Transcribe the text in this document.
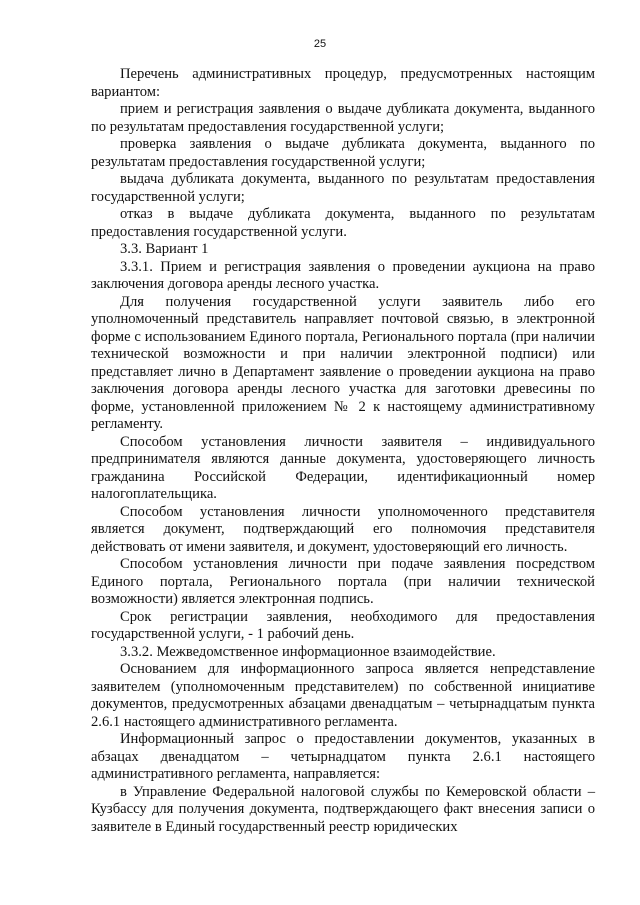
25

Перечень административных процедур, предусмотренных настоящим вариантом:

прием и регистрация заявления о выдаче дубликата документа, выданного по результатам предоставления государственной услуги;

проверка заявления о выдаче дубликата документа, выданного по результатам предоставления государственной услуги;

выдача дубликата документа, выданного по результатам предоставления государственной услуги;

отказ в выдаче дубликата документа, выданного по результатам предоставления государственной услуги.

3.3. Вариант 1

3.3.1. Прием и регистрация заявления о проведении аукциона на право заключения договора аренды лесного участка.

Для получения государственной услуги заявитель либо его уполномоченный представитель направляет почтовой связью, в электронной форме с использованием Единого портала, Регионального портала (при наличии технической возможности и при наличии электронной подписи) или представляет лично в Департамент заявление о проведении аукциона на право заключения договора аренды лесного участка для заготовки древесины по форме, установленной приложением № 2 к настоящему административному регламенту.

Способом установления личности заявителя – индивидуального предпринимателя являются данные документа, удостоверяющего личность гражданина Российской Федерации, идентификационный номер налогоплательщика.

Способом установления личности уполномоченного представителя является документ, подтверждающий его полномочия представителя действовать от имени заявителя, и документ, удостоверяющий его личность.

Способом установления личности при подаче заявления посредством Единого портала, Регионального портала (при наличии технической возможности) является электронная подпись.

Срок регистрации заявления, необходимого для предоставления государственной услуги, - 1 рабочий день.

3.3.2. Межведомственное информационное взаимодействие.

Основанием для информационного запроса является непредставление заявителем (уполномоченным представителем) по собственной инициативе документов, предусмотренных абзацами двенадцатым – четырнадцатым пункта 2.6.1 настоящего административного регламента.

Информационный запрос о предоставлении документов, указанных в абзацах двенадцатом – четырнадцатом пункта 2.6.1 настоящего административного регламента, направляется:

в Управление Федеральной налоговой службы по Кемеровской области – Кузбассу для получения документа, подтверждающего факт внесения записи о заявителе в Единый государственный реестр юридических
